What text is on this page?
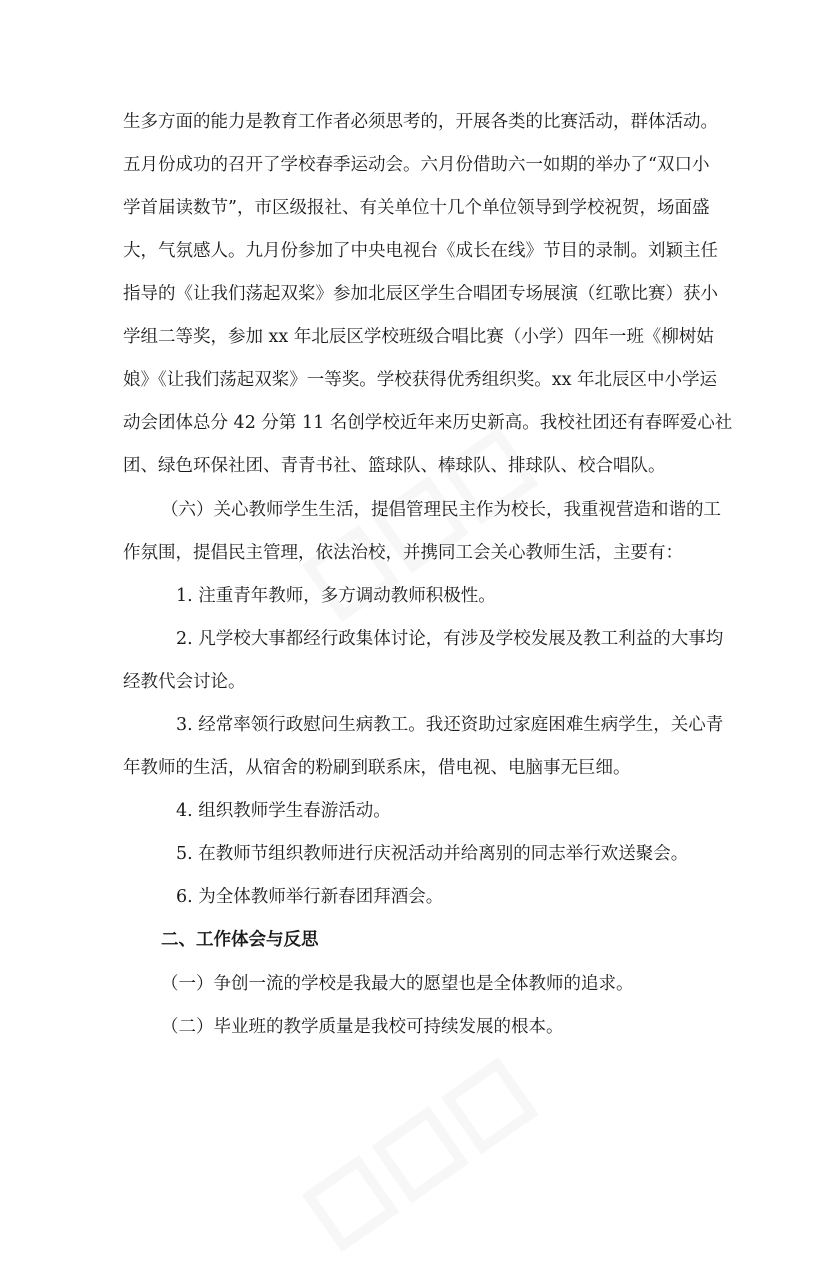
生多方面的能力是教育工作者必须思考的，开展各类的比赛活动，群体活动。
五月份成功的召开了学校春季运动会。六月份借助六一如期的举办了“双口小
学首届读数节”，市区级报社、有关单位十几个单位领导到学校祝贺，场面盛
大，气氛感人。九月份参加了中央电视台《成长在线》节目的录制。刘颖主任
指导的《让我们荡起双桨》参加北辰区学生合唱团专场展演（红歌比赛）获小
学组二等奖，参加 xx 年北辰区学校班级合唱比赛（小学）四年一班《柳树姑
娘》《让我们荡起双桨》一等奖。学校获得优秀组织奖。xx 年北辰区中小学运
动会团体总分 42 分第 11 名创学校近年来历史新高。我校社团还有春晖爱心社
团、绿色环保社团、青青书社、篮球队、棒球队、排球队、校合唱队。
（六）关心教师学生生活，提倡管理民主作为校长，我重视营造和谐的工
作氛围，提倡民主管理，依法治校，并携同工会关心教师生活，主要有：
1. 注重青年教师，多方调动教师积极性。
2. 凡学校大事都经行政集体讨论，有涉及学校发展及教工利益的大事均
经教代会讨论。
3. 经常率领行政慰问生病教工。我还资助过家庭困难生病学生，关心青
年教师的生活，从宿舍的粉刷到联系床，借电视、电脑事无巨细。
4. 组织教师学生春游活动。
5. 在教师节组织教师进行庆祝活动并给离别的同志举行欢送聚会。
6. 为全体教师举行新春团拜酒会。
二、工作体会与反思
（一）争创一流的学校是我最大的愿望也是全体教师的追求。
（二）毕业班的教学质量是我校可持续发展的根本。
